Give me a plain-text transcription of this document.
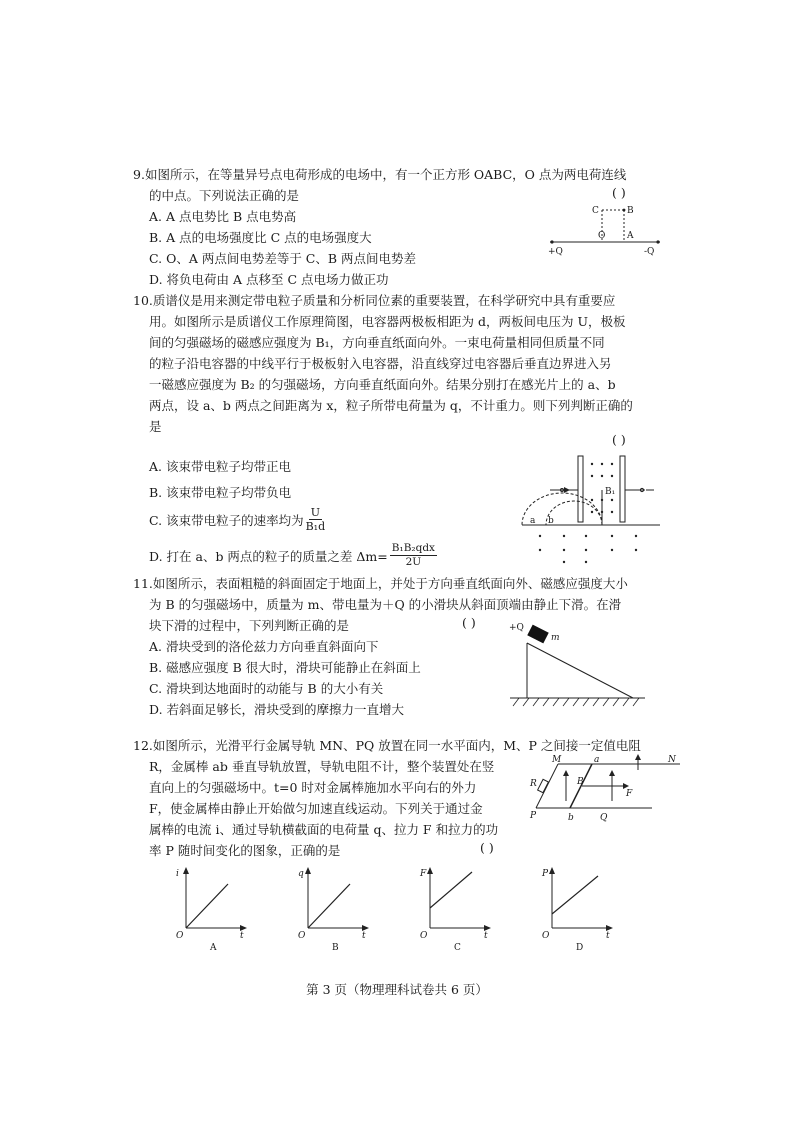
9.如图所示，在等量异号点电荷形成的电场中，有一个正方形 OABC，O 点为两电荷连线

的中点。下列说法正确的是

A. A 点电势比 B 点电势高

B. A 点的电场强度比 C 点的电场强度大

C. O、A 两点间电势差等于 C、B 两点间电势差

D. 将负电荷由 A 点移至 C 点电场力做正功

( )
C	B
O A
+Q	-Q

10.质谱仪是用来测定带电粒子质量和分析同位素的重要装置，在科学研究中具有重要应

用。如图所示是质谱仪工作原理简图，电容器两极板相距为 d，两板间电压为 U，极板

间的匀强磁场的磁感应强度为 B₁，方向垂直纸面向外。一束电荷量相同但质量不同

的粒子沿电容器的中线平行于极板射入电容器，沿直线穿过电容器后垂直边界进入另

一磁感应强度为 B₂ 的匀强磁场，方向垂直纸面向外。结果分别打在感光片上的 a、b

两点，设 a、b 两点之间距离为 x，粒子所带电荷量为 q，不计重力。则下列判断正确的

是

( )

A. 该束带电粒子均带正电

B. 该束带电粒子均带负电

C. 该束带电粒子的速率均为 $\frac{U}{\text{B₁d}}$
D. 打在 a、b 两点的粒子的质量之差 Δm=
B₁B₂qdx
2U
B₁
a b

11.如图所示，表面粗糙的斜面固定于地面上，并处于方向垂直纸面向外、磁感应强度大小

为 B 的匀强磁场中，质量为 m、带电量为＋Q 的小滑块从斜面顶端由静止下滑。在滑

块下滑的过程中，下列判断正确的是

A. 滑块受到的洛伦兹力方向垂直斜面向下

B. 磁感应强度 B 很大时，滑块可能静止在斜面上

C. 滑块到达地面时的动能与 B 的大小有关

D. 若斜面足够长，滑块受到的摩擦力一直增大

( )	+Q
m

12.如图所示，光滑平行金属导轨 MN、PQ 放置在同一水平面内，M、P 之间接一定值电阻

R，金属棒 ab 垂直导轨放置，导轨电阻不计，整个装置处在竖

直向上的匀强磁场中。t=0 时对金属棒施加水平向右的外力

F，使金属棒由静止开始做匀加速直线运动。下列关于通过金

属棒的电流 i、通过导轨横截面的电荷量 q、拉力 F 和拉力的功

率 P 随时间变化的图象，正确的是	( )
M	a	N
R	B
F
P	b	Q
i
O	t
A
q
O	t
B
F
O	t
C
P
O	t
D
第 3 页（物理理科试卷共 6 页）
